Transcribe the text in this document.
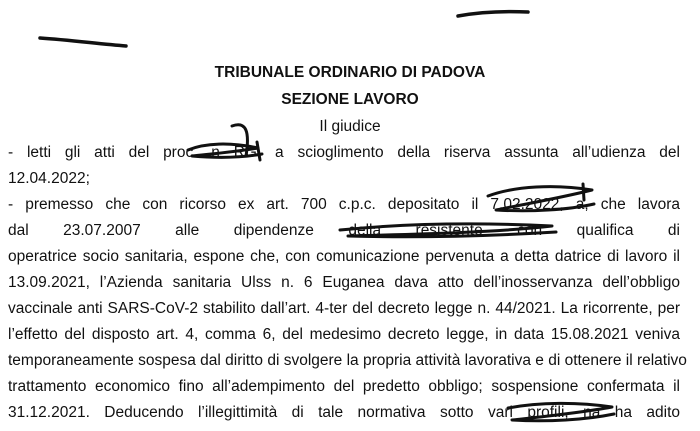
TRIBUNALE ORDINARIO DI PADOVA
SEZIONE LAVORO
Il giudice
- letti gli atti del proc. n RG, a scioglimento della riserva assunta all’udienza del
12.04.2022;
- premesso che con ricorso ex art. 700 c.p.c. depositato il 7.02.2022, a, che lavora
dal 23.07.2007 alle dipendenze della resistente con qualifica di
operatrice socio sanitaria, espone che, con comunicazione pervenuta a detta datrice di lavoro il
13.09.2021, l’Azienda sanitaria Ulss n. 6 Euganea dava atto dell’inosservanza dell’obbligo
vaccinale anti SARS-CoV-2 stabilito dall’art. 4-ter del decreto legge n. 44/2021. La ricorrente, per
l’effetto del disposto art. 4, comma 6, del medesimo decreto legge, in data 15.08.2021 veniva
temporaneamente sospesa dal diritto di svolgere la propria attività lavorativa e di ottenere il relativo
trattamento economico fino all’adempimento del predetto obbligo; sospensione confermata il
31.12.2021. Deducendo l’illegittimità di tale normativa sotto vari profili, na ha adito
